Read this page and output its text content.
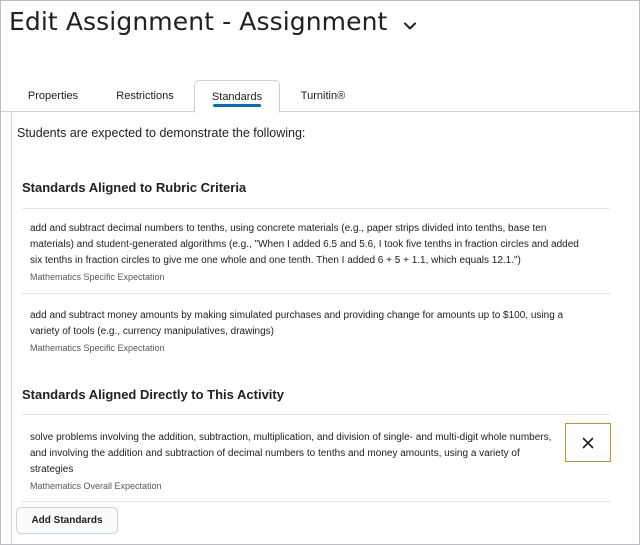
Edit Assignment - Assignment
Properties	Restrictions	Standards	Turnitin®

Students are expected to demonstrate the following:

Standards Aligned to Rubric Criteria

add and subtract decimal numbers to tenths, using concrete materials (e.g., paper strips divided into tenths, base ten materials) and student-generated algorithms (e.g., "When I added 6.5 and 5.6, I took five tenths in fraction circles and added six tenths in fraction circles to give me one whole and one tenth. Then I added 6 + 5 + 1.1, which equals 12.1.")

Mathematics Specific Expectation

add and subtract money amounts by making simulated purchases and providing change for amounts up to $100, using a variety of tools (e.g., currency manipulatives, drawings)

Mathematics Specific Expectation

Standards Aligned Directly to This Activity

solve problems involving the addition, subtraction, multiplication, and division of single- and multi-digit whole numbers, and involving the addition and subtraction of decimal numbers to tenths and money amounts, using a variety of strategies

Mathematics Overall Expectation

Add Standards
